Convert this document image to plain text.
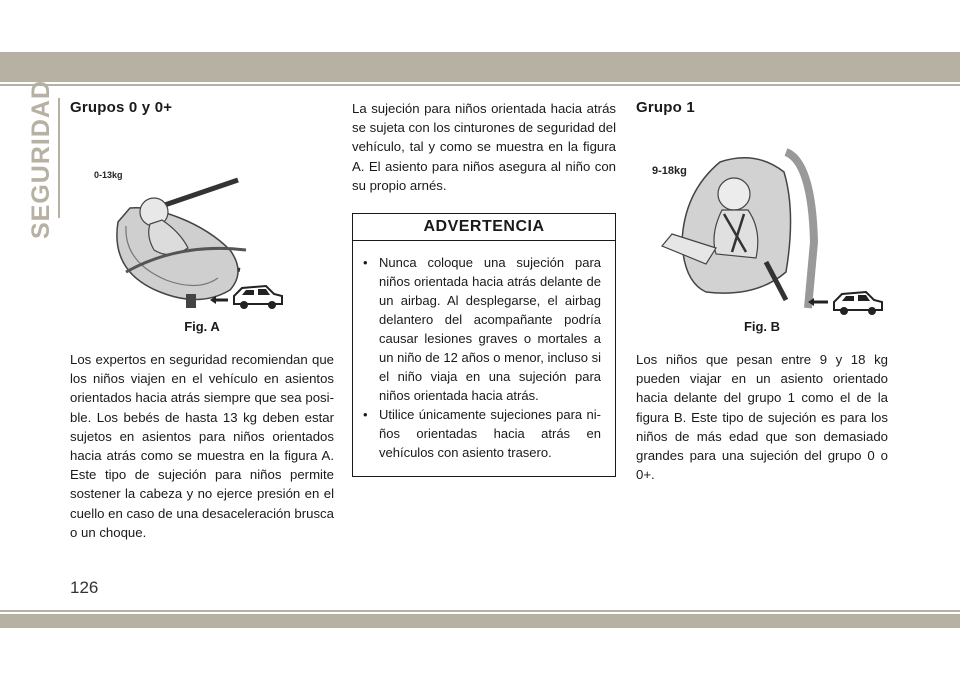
SEGURIDAD Grupos 0 y 0+
0-13kg
Fig. A

Los expertos en seguridad recomiendan que los niños viajen en el vehículo en asientos orientados hacia atrás siempre que sea posible. Los bebés de hasta 13 kg deben estar sujetos en asientos para niños orientados hacia atrás como se muestra en la figura A. Este tipo de sujeción para niños permite sostener la cabeza y no ejerce presión en el cuello en caso de una desaceleración brusca o un choque.

La sujeción para niños orientada hacia atrás se sujeta con los cinturones de seguridad del vehículo, tal y como se muestra en la figura A. El asiento para niños asegura al niño con su propio arnés.

ADVERTENCIA
• Nunca coloque una sujeción para niños orientada hacia atrás delante de un airbag. Al desplegarse, el airbag delantero del acompañante podría causar lesiones graves o mortales a un niño de 12 años o menor, incluso si el niño viaja en una sujeción para niños orientada hacia atrás.
• Utilice únicamente sujeciones para niños orientadas hacia atrás en vehículos con asiento trasero.
Grupo 1
9-18kg
Fig. B

Los niños que pesan entre 9 y 18 kg pueden viajar en un asiento orientado hacia delante del grupo 1 como el de la figura B. Este tipo de sujeción es para los niños de más edad que son demasiado grandes para una sujeción del grupo 0 o 0+.

126
